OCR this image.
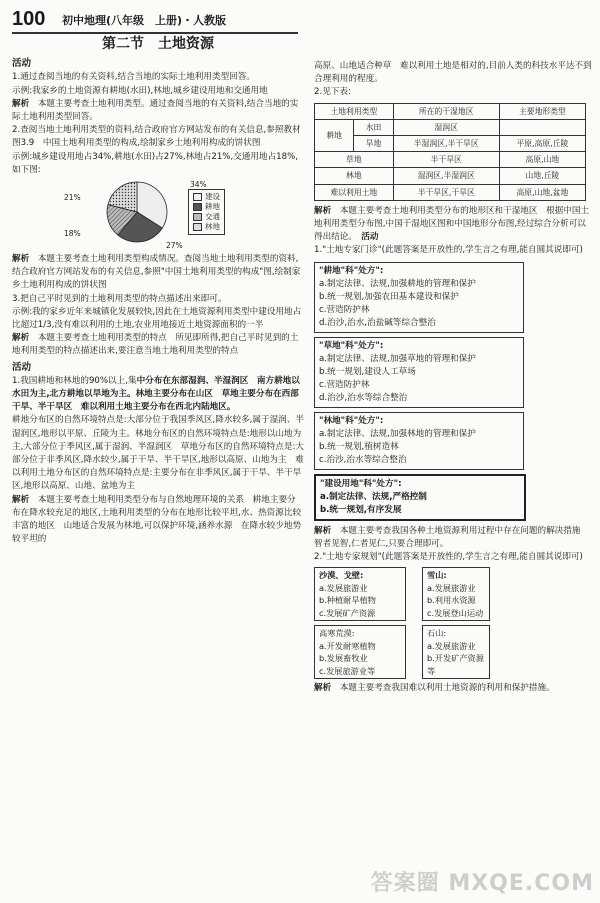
100 初中地理(八年级　上册)・人教版
第二节　土地资源
活动

1.通过查阅当地的有关资料,结合当地的实际土地利用类型回答。

示例:我家乡的土地资源有耕地(水田),林地,城乡建设用地和交通用地

解析　 本题主要考查土地利用类型。通过查阅当地的有关资料,结合当地的实际土地利用类型回答。

2.查阅当地土地利用类型的资料,结合政府官方网站发布的有关信息,参照教材图3.9　中国土地利用类型的构成,绘制家乡土地利用构成的饼状图

示例:城乡建设用地占34%,耕地(水田)占27%,林地占21%,交通用地占18%,如下图:

34%
27%
18%
21%	建设
耕地
交通
林地

解析　 本题主要考查土地利用类型构成情况。查阅当地土地利用类型的资料,结合政府官方网站发布的有关信息,参照"中国土地利用类型的构成"图,绘制家乡土地利用构成的饼状图

3.把自己平时见到的土地利用类型的特点描述出来即可。

示例:我的家乡近年来城镇化发展较快,因此在土地资源利用类型中建设用地占比超过1/3,没有难以利用的土地,农业用地接近土地资源面积的一半

解析　 本题主要考查土地利用类型的特点　所见即所得,把自己平时见到的土地利用类型的特点描述出来,要注意当地土地利用类型的特点

活动

1.我国耕地和林地的90%以上,集中分布在东部湿润、半湿润区　南方耕地以水田为主,北方耕地以旱地为主。林地主要分布在山区　草地主要分布在西部干旱、半干旱区　难以利用土地主要分布在西北内陆地区。

耕地分布区的自然环境特点是:大部分位于我国季风区,降水较多,属于湿润、半湿润区,地形以平原、丘陵为主。林地分布区的自然环境特点是:地形以山地为主,大部分位于季风区,属于湿润、半湿润区　草地分布区的自然环境特点是:大部分位于非季风区,降水较少,属于干旱、半干旱区,地形以高原、山地为主　难以利用土地分布区的自然环境特点是:主要分布在非季风区,属于干旱、半干旱区,地形以高原、山地、盆地为主

解析　 本题主要考查土地利用类型分布与自然地理环境的关系　耕地主要分布在降水较充足的地区,土地利用类型的分布在地形比较平坦,水、热资源比较丰富的地区　山地适合发展为林地,可以保护环境,涵养水源　在降水较少地势较平坦的

高原、山地适合种草　难以利用土地是相对的,目前人类的科技水平达不到合理利用的程度。

2.见下表:

土地利用类型		所在的干湿地区	主要地形类型
耕地	水田	湿润区	
	旱地	半湿润区,半干旱区	平原,高原,丘陵
草地		半干旱区	高原,山地
林地		湿润区,半湿润区	山地,丘陵
难以利用土地		半干旱区,干旱区	高原,山地,盆地

解析　 本题主要考查土地利用类型分布的地形区和干湿地区　根据中国土地利用类型分布图,中国干湿地区图和中国地形分布图,经过综合分析可以得出结论。　 活动

1."土地专家门诊"(此题答案是开放性的,学生言之有理,能自圆其说即可)

"耕地"科"处方":
a.制定法律、法规,加强耕地的管理和保护
b.统一规划,加强农田基本建设和保护
c.营造防护林
d.治沙,治水,治盐碱等综合整治
"草地"科"处方":
a.制定法律、法规,加强草地的管理和保护
b.统一规划,建设人工草场
c.营造防护林
d.治沙,治水等综合整治
"林地"科"处方":
a.制定法律、法规,加强林地的管理和保护
b.统一规划,植树造林
c.治沙,治水等综合整治
"建设用地"科"处方":
a.制定法律、法规,严格控制
b.统一规划,有序发展

解析　 本题主要考查我国各种土地资源利用过程中存在问题的解决措施　智者见智,仁者见仁,只要合理即可。

2."土地专家规划"(此题答案是开放性的,学生言之有理,能自圆其说即可)

沙漠、戈壁:
a.发展旅游业
b.种植耐旱植物
c.发展矿产资源
雪山:
a.发展旅游业
b.利用水资源
c.发展登山运动
高寒荒漠:
a.开发耐寒植物
b.发展畜牧业
c.发展旅游业等
石山:
a.发展旅游业
b.开发矿产资源等

解析　 本题主要考查我国难以利用土地资源的利用和保护措施。

答案圈 MXQE.COM
